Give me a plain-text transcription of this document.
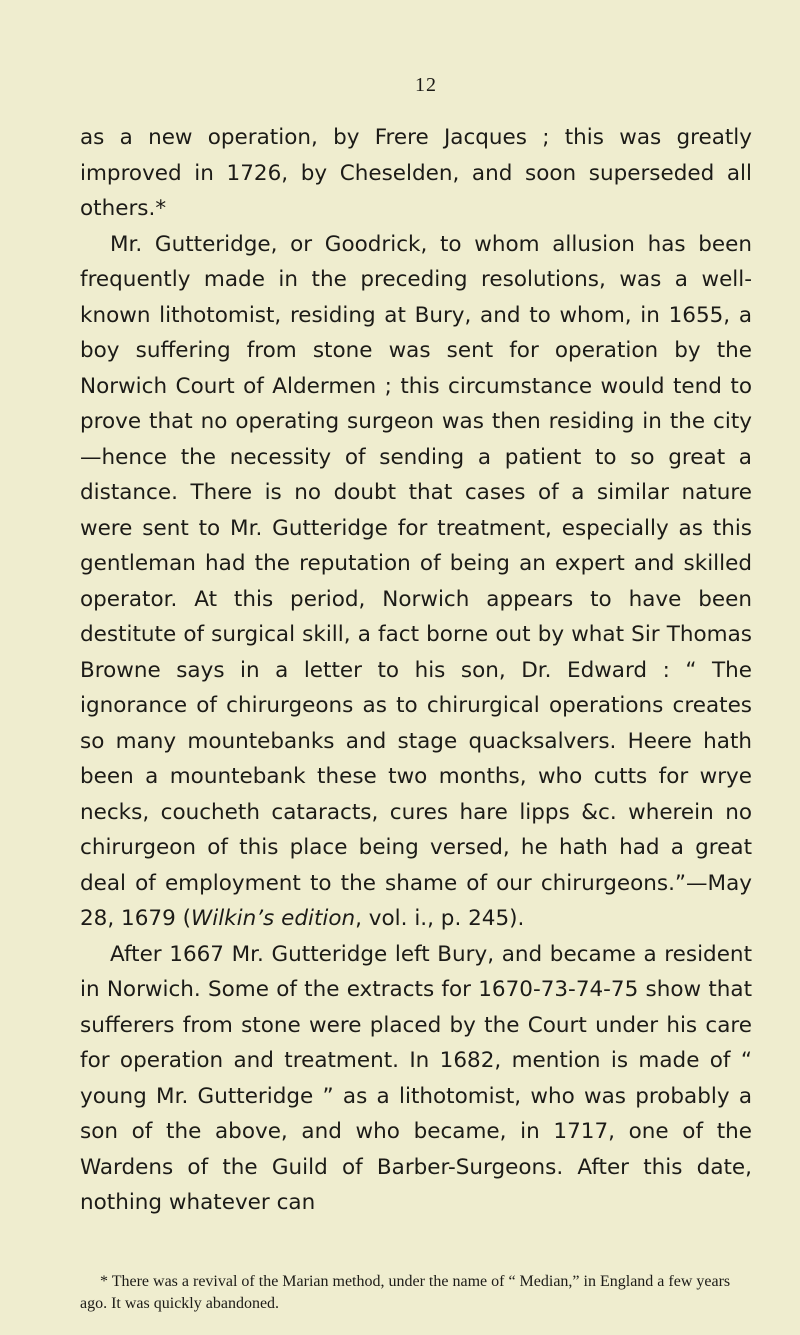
12

as a new operation, by Frere Jacques ; this was greatly improved in 1726, by Cheselden, and soon superseded all others.*

Mr. Gutteridge, or Goodrick, to whom allusion has been frequently made in the preceding resolutions, was a well-known lithotomist, residing at Bury, and to whom, in 1655, a boy suffering from stone was sent for operation by the Norwich Court of Aldermen ; this circumstance would tend to prove that no operating surgeon was then residing in the city—hence the necessity of sending a patient to so great a distance. There is no doubt that cases of a similar nature were sent to Mr. Gutteridge for treatment, especially as this gentleman had the reputation of being an expert and skilled operator. At this period, Norwich appears to have been destitute of surgical skill, a fact borne out by what Sir Thomas Browne says in a letter to his son, Dr. Edward : “ The ignorance of chirurgeons as to chirurgical operations creates so many mountebanks and stage quacksalvers. Heere hath been a mountebank these two months, who cutts for wrye necks, coucheth cataracts, cures hare lipps &c. wherein no chirurgeon of this place being versed, he hath had a great deal of employment to the shame of our chirurgeons.”—May 28, 1679 (Wilkin’s edition, vol. i., p. 245).

After 1667 Mr. Gutteridge left Bury, and became a resident in Norwich. Some of the extracts for 1670-73-74-75 show that sufferers from stone were placed by the Court under his care for operation and treatment. In 1682, mention is made of “ young Mr. Gutteridge ” as a lithotomist, who was probably a son of the above, and who became, in 1717, one of the Wardens of the Guild of Barber-Surgeons. After this date, nothing whatever can

* There was a revival of the Marian method, under the name of “ Median,” in England a few years ago. It was quickly abandoned.
